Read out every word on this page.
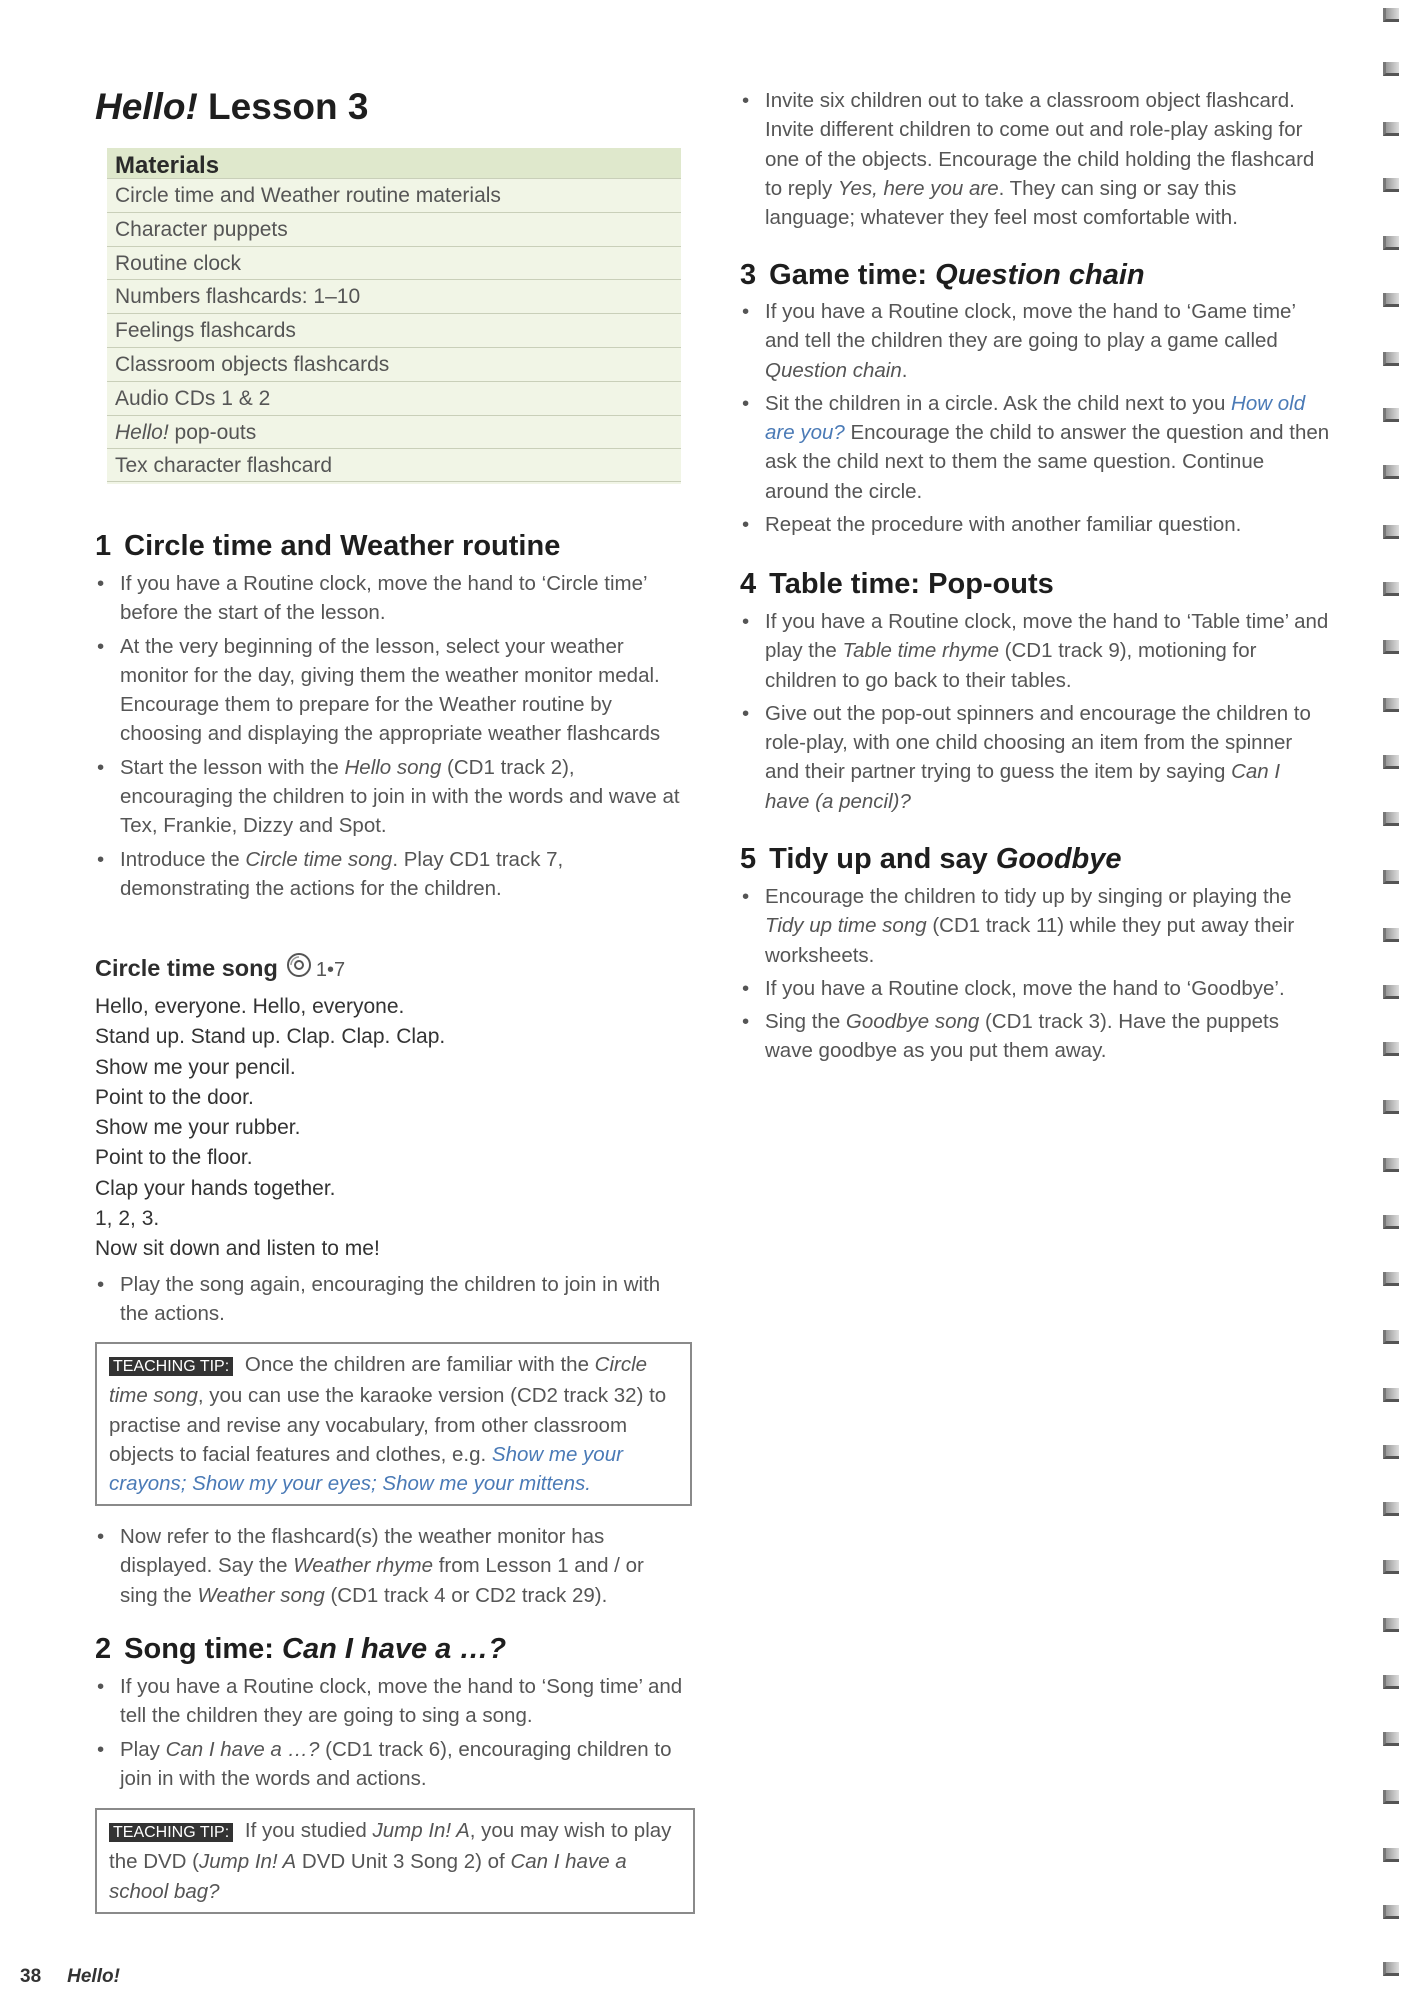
Hello! Lesson 3
Materials
Circle time and Weather routine materials
Character puppets
Routine clock
Numbers flashcards: 1–10
Feelings flashcards
Classroom objects flashcards
Audio CDs 1 & 2
Hello! pop-outs
Tex character flashcard
1 Circle time and Weather routine
• If you have a Routine clock, move the hand to ‘Circle time’ before the start of the lesson.
• At the very beginning of the lesson, select your weather monitor for the day, giving them the weather monitor medal. Encourage them to prepare for the Weather routine by choosing and displaying the appropriate weather flashcards
• Start the lesson with the Hello song (CD1 track 2), encouraging the children to join in with the words and wave at Tex, Frankie, Dizzy and Spot.
• Introduce the Circle time song. Play CD1 track 7, demonstrating the actions for the children.
Circle time song 1•7
Hello, everyone. Hello, everyone.
Stand up. Stand up. Clap. Clap. Clap.
Show me your pencil.
Point to the door.
Show me your rubber.
Point to the floor.
Clap your hands together.
1, 2, 3.
Now sit down and listen to me!
• Play the song again, encouraging the children to join in with the actions.
TEACHING TIP: Once the children are familiar with the Circle time song, you can use the karaoke version (CD2 track 32) to practise and revise any vocabulary, from other classroom objects to facial features and clothes, e.g. Show me your crayons; Show my your eyes; Show me your mittens.
• Now refer to the flashcard(s) the weather monitor has displayed. Say the Weather rhyme from Lesson 1 and / or sing the Weather song (CD1 track 4 or CD2 track 29).
2 Song time: Can I have a …?
• If you have a Routine clock, move the hand to ‘Song time’ and tell the children they are going to sing a song.
• Play Can I have a …? (CD1 track 6), encouraging children to join in with the words and actions.
TEACHING TIP: If you studied Jump In! A, you may wish to play the DVD (Jump In! A DVD Unit 3 Song 2) of Can I have a school bag?
• Invite six children out to take a classroom object flashcard. Invite different children to come out and role-play asking for one of the objects. Encourage the child holding the flashcard to reply Yes, here you are. They can sing or say this language; whatever they feel most comfortable with.
3 Game time: Question chain
• If you have a Routine clock, move the hand to ‘Game time’ and tell the children they are going to play a game called Question chain.
• Sit the children in a circle. Ask the child next to you How old are you? Encourage the child to answer the question and then ask the child next to them the same question. Continue around the circle.
• Repeat the procedure with another familiar question.
4 Table time: Pop-outs
• If you have a Routine clock, move the hand to ‘Table time’ and play the Table time rhyme (CD1 track 9), motioning for children to go back to their tables.
• Give out the pop-out spinners and encourage the children to role-play, with one child choosing an item from the spinner and their partner trying to guess the item by saying Can I have (a pencil)?
5 Tidy up and say Goodbye
• Encourage the children to tidy up by singing or playing the Tidy up time song (CD1 track 11) while they put away their worksheets.
• If you have a Routine clock, move the hand to ‘Goodbye’.
• Sing the Goodbye song (CD1 track 3). Have the puppets wave goodbye as you put them away.
38 Hello!
